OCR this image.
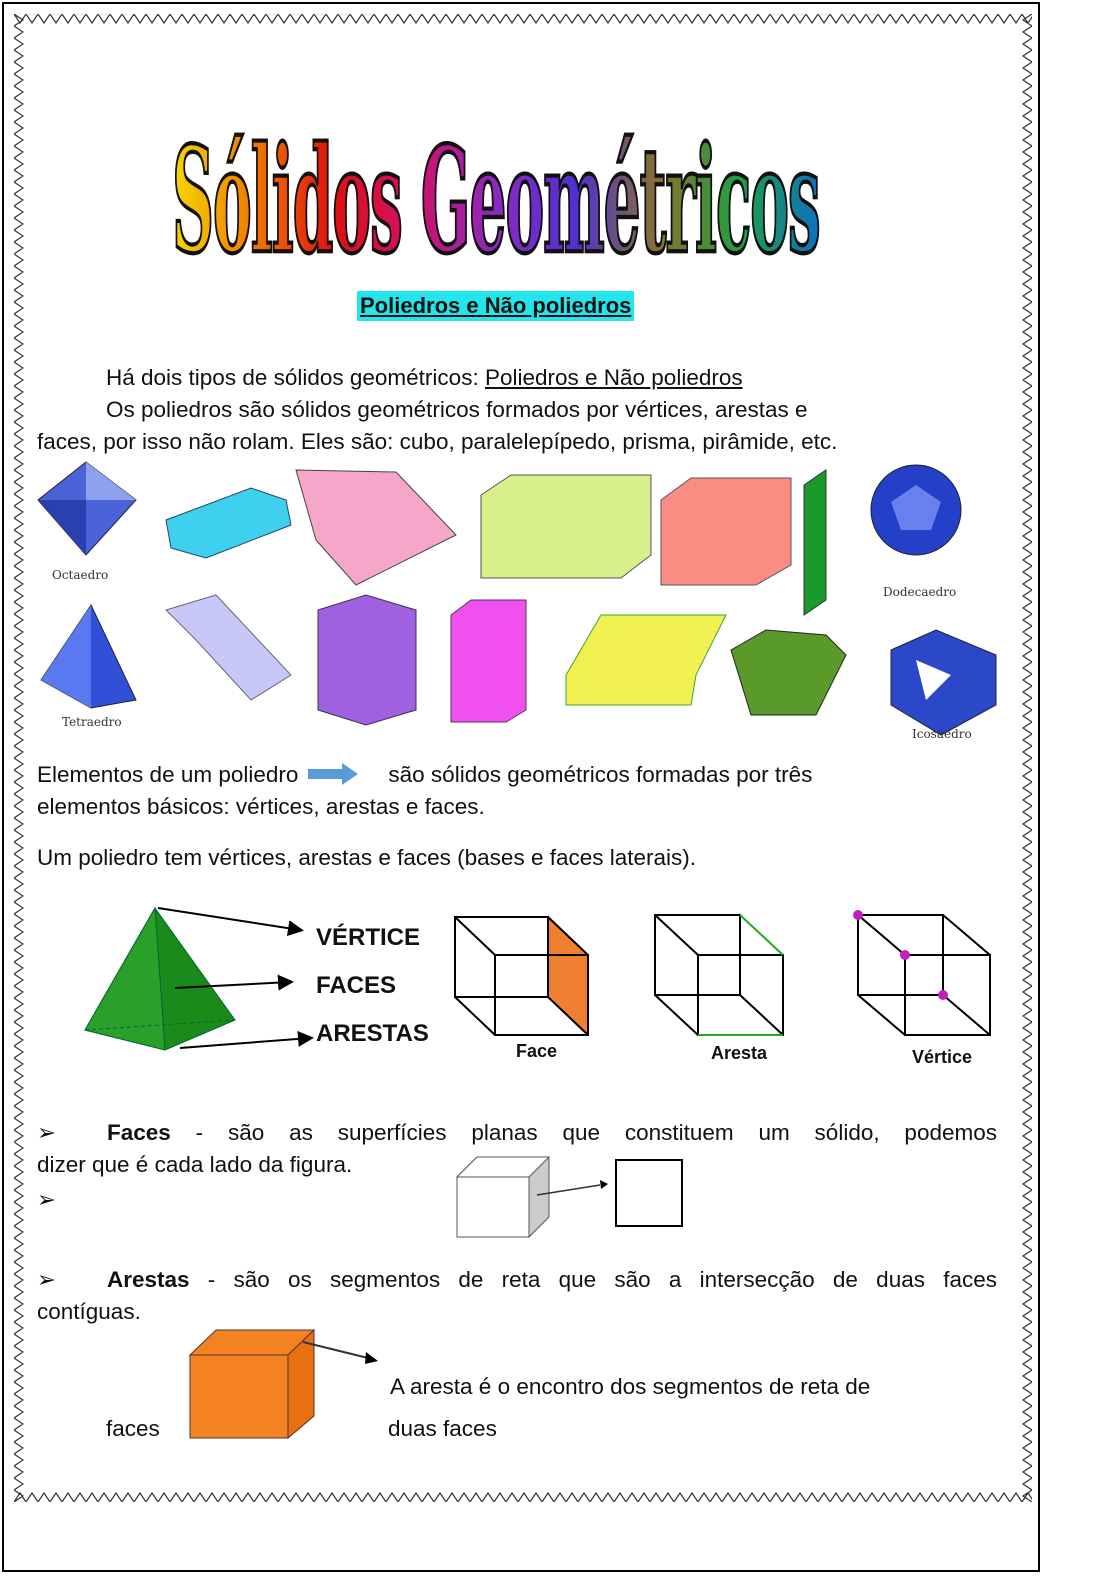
Sólidos Geométricos
Poliedros e Não poliedros
Há dois tipos de sólidos geométricos: Poliedros e Não poliedros
Os poliedros são sólidos geométricos formados por vértices, arestas e
faces, por isso não rolam. Eles são: cubo, paralelepípedo, prisma, pirâmide, etc.
Octaedro
Tetraedro
Dodecaedro
Icosaedro
Elementos de um poliedro	são sólidos geométricos formadas por três
elementos básicos: vértices, arestas e faces.
Um poliedro tem vértices, arestas e faces (bases e faces laterais).
VÉRTICE
FACES
ARESTAS
Face	Aresta	Vértice
➢ Faces - são as superfícies planas que constituem um sólido, podemos
dizer que é cada lado da figura.
➢
➢ Arestas - são os segmentos de reta que são a intersecção de duas faces
contíguas.
A aresta é o encontro dos segmentos de reta de
duas faces
faces
